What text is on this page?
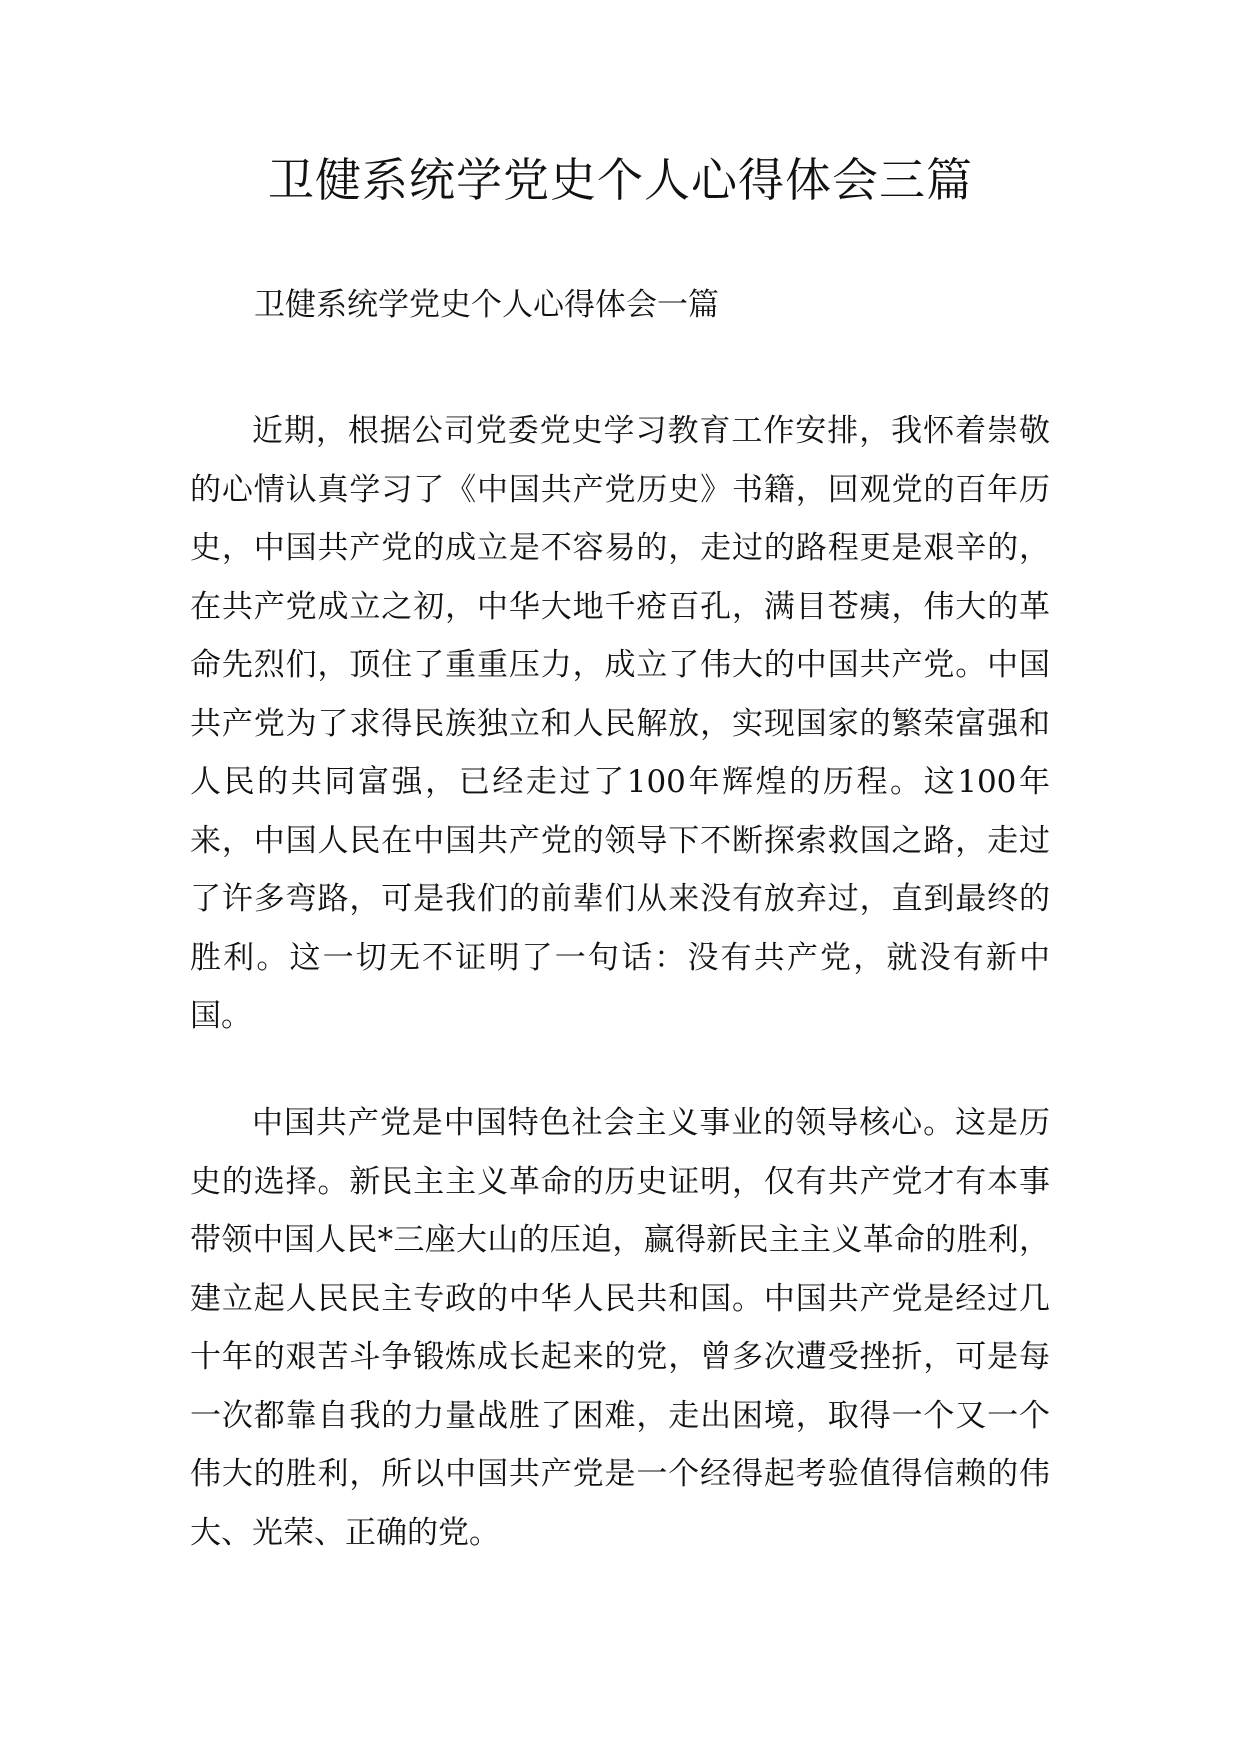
卫健系统学党史个人心得体会三篇

卫健系统学党史个人心得体会一篇

近期，根据公司党委党史学习教育工作安排，我怀着崇敬的心情认真学习了《中国共产党历史》书籍，回观党的百年历史，中国共产党的成立是不容易的，走过的路程更是艰辛的，在共产党成立之初，中华大地千疮百孔，满目苍痍，伟大的革命先烈们，顶住了重重压力，成立了伟大的中国共产党。中国共产党为了求得民族独立和人民解放，实现国家的繁荣富强和人民的共同富强，已经走过了100年辉煌的历程。这100年来，中国人民在中国共产党的领导下不断探索救国之路，走过了许多弯路，可是我们的前辈们从来没有放弃过，直到最终的胜利。这一切无不证明了一句话：没有共产党，就没有新中国。

中国共产党是中国特色社会主义事业的领导核心。这是历史的选择。新民主主义革命的历史证明，仅有共产党才有本事带领中国人民*三座大山的压迫，赢得新民主主义革命的胜利，建立起人民民主专政的中华人民共和国。中国共产党是经过几十年的艰苦斗争锻炼成长起来的党，曾多次遭受挫折，可是每一次都靠自我的力量战胜了困难，走出困境，取得一个又一个伟大的胜利，所以中国共产党是一个经得起考验值得信赖的伟大、光荣、正确的党。
